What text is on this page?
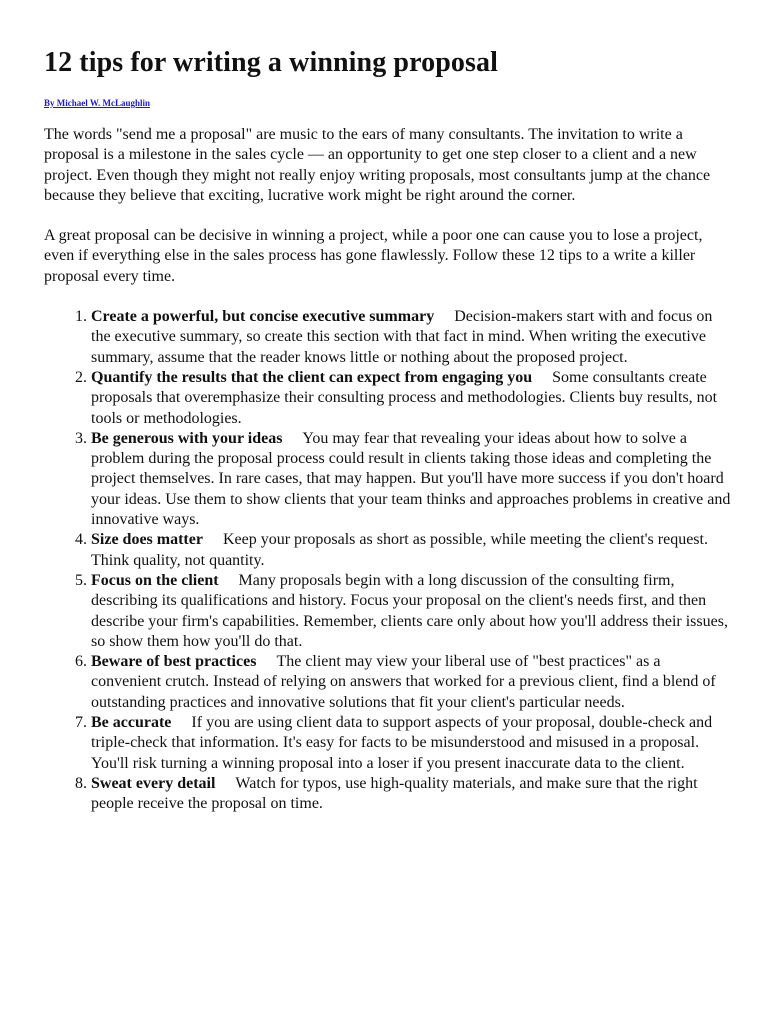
12 tips for writing a winning proposal
By Michael W. McLaughlin

The words "send me a proposal" are music to the ears of many consultants. The invitation to write a proposal is a milestone in the sales cycle — an opportunity to get one step closer to a client and a new project. Even though they might not really enjoy writing proposals, most consultants jump at the chance because they believe that exciting, lucrative work might be right around the corner.

A great proposal can be decisive in winning a project, while a poor one can cause you to lose a project, even if everything else in the sales process has gone flawlessly. Follow these 12 tips to a write a killer proposal every time.

1. Create a powerful, but concise executive summary Decision-makers start with and focus on the executive summary, so create this section with that fact in mind. When writing the executive summary, assume that the reader knows little or nothing about the proposed project.
2. Quantify the results that the client can expect from engaging you Some consultants create proposals that overemphasize their consulting process and methodologies. Clients buy results, not tools or methodologies.
3. Be generous with your ideas You may fear that revealing your ideas about how to solve a problem during the proposal process could result in clients taking those ideas and completing the project themselves. In rare cases, that may happen. But you'll have more success if you don't hoard your ideas. Use them to show clients that your team thinks and approaches problems in creative and innovative ways.
4. Size does matter Keep your proposals as short as possible, while meeting the client's request. Think quality, not quantity.
5. Focus on the client Many proposals begin with a long discussion of the consulting firm, describing its qualifications and history. Focus your proposal on the client's needs first, and then describe your firm's capabilities. Remember, clients care only about how you'll address their issues, so show them how you'll do that.
6. Beware of best practices The client may view your liberal use of "best practices" as a convenient crutch. Instead of relying on answers that worked for a previous client, find a blend of outstanding practices and innovative solutions that fit your client's particular needs.
7. Be accurate If you are using client data to support aspects of your proposal, double-check and triple-check that information. It's easy for facts to be misunderstood and misused in a proposal. You'll risk turning a winning proposal into a loser if you present inaccurate data to the client.
8. Sweat every detail Watch for typos, use high-quality materials, and make sure that the right people receive the proposal on time.
